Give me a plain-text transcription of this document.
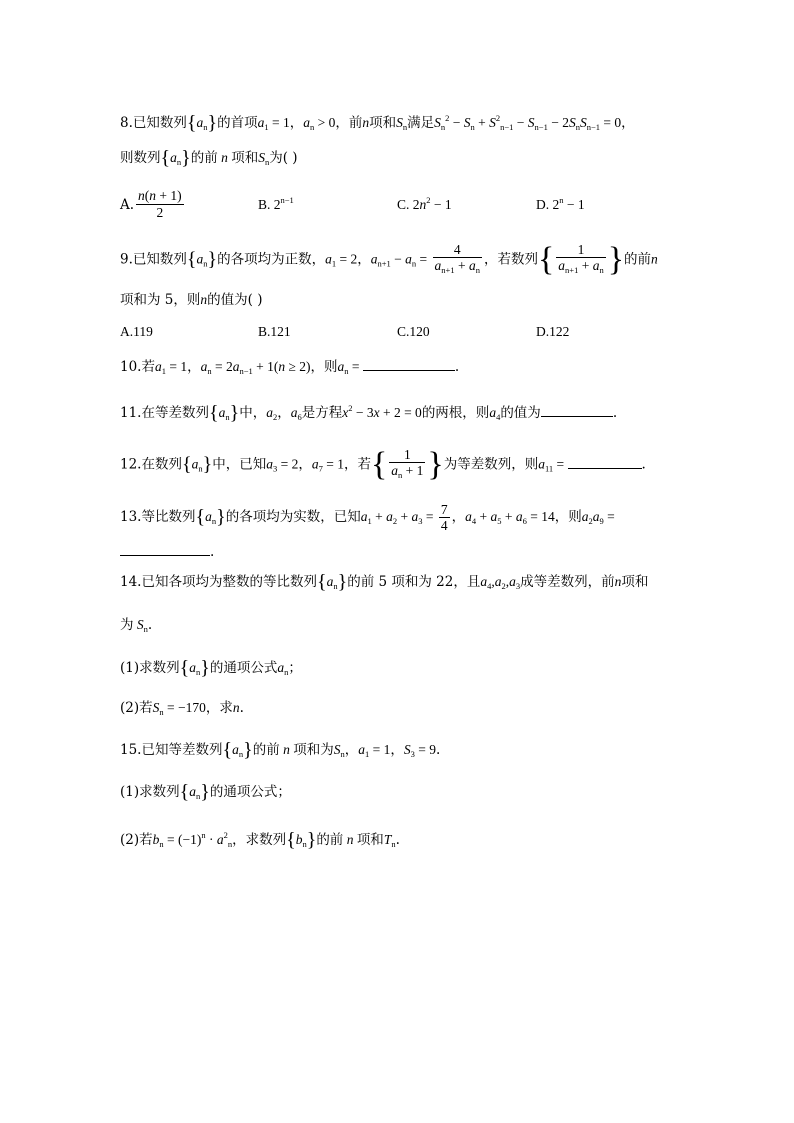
8.已知数列$\{a_n\}$的首项$a_1 = 1$，$a_n > 0$，前n项和$S_n$满足$S_n^2 - S_n + S^2_{n-1} - S_{n-1} - 2S_nS_{n-1} = 0$，
则数列$\{a_n\}$的前 n 项和$S_n$为( )
A. $\frac{n(n + 1)}{2}$	B. $2^{n-1}$	C. $2n^2 - 1$	D. $2^n - 1$
9.已知数列$\{a_n\}$的各项均为正数，$a_1 = 2$，$a_{n+1} - a_n = \frac{4}{a_{n+1} + a_n}$ ，若数列{ $\frac{1}{a_{n+1} + a_n}$ }的前n
项和为 5，则n的值为( )
A.119	B.121	C.120	D.122
10.若$a_1 = 1$，$a_n = 2a_{n-1} + 1(n \ge 2)$，则$a_n$ =	.
11.在等差数列$\{a_n\}$中，$a_2$，$a_6$是方程$x^2 - 3x + 2 = 0$的两根，则$a_4$的值为	.
12.在数列$\{a_n\}$中，已知$a_3 = 2$，$a_7 = 1$，若{ $\frac{1}{a_n + 1}$ }为等差数列，则$a_{11}$ =	.
13.等比数列$\{a_n\}$的各项均为实数，已知$a_1 + a_2 + a_3 = \frac{7}{4}$ ，$a_4 + a_5 + a_6 = 14$，则$a_2a_9$ =
.
14.已知各项均为整数的等比数列$\{a_n\}$的前 5 项和为 22，且$a_4,a_2,a_3$成等差数列，前n项和
为 $S_n$.
(1)求数列$\{a_n\}$的通项公式$a_n$；
(2)若$S_n = -170$，求n.
15.已知等差数列$\{a_n\}$的前 n 项和为$S_n$，$a_1 = 1$，$S_3 = 9$.
(1)求数列$\{a_n\}$的通项公式；
(2)若$b_n = (-1)^n \cdot a^2_n$，求数列$\{b_n\}$的前 n 项和$T_n$.
